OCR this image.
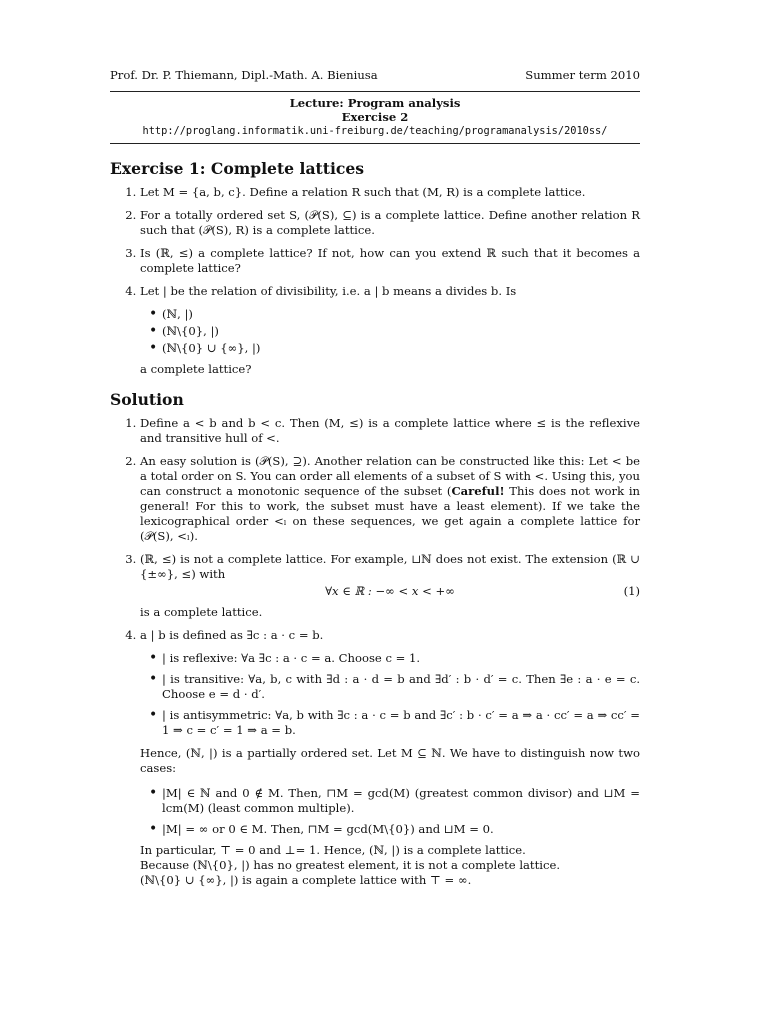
Prof. Dr. P. Thiemann, Dipl.-Math. A. Bieniusa	Summer term 2010
Lecture: Program analysis
Exercise 2
http://proglang.informatik.uni-freiburg.de/teaching/programanalysis/2010ss/
Exercise 1: Complete lattices
1. Let M = {a, b, c}. Define a relation R such that (M, R) is a complete lattice.
2. For a totally ordered set S, (𝒫(S), ⊆) is a complete lattice. Define another relation R such that (𝒫(S), R) is a complete lattice.
3. Is (ℝ, ≤) a complete lattice? If not, how can you extend ℝ such that it becomes a complete lattice?
4. Let | be the relation of divisibility, i.e. a | b means a divides b. Is
• (ℕ, |)
• (ℕ\{0}, |)
• (ℕ\{0} ∪ {∞}, |)
a complete lattice?
Solution
1. Define a < b and b < c. Then (M, ≤) is a complete lattice where ≤ is the reflexive and transitive hull of <.
2. An easy solution is (𝒫(S), ⊇). Another relation can be constructed like this: Let < be a total order on S. You can order all elements of a subset of S with <. Using this, you can construct a monotonic sequence of the subset (Careful! This does not work in general! For this to work, the subset must have a least element). If we take the lexicographical order <ₗ on these sequences, we get again a complete lattice for (𝒫(S), <ₗ).
3. (ℝ, ≤) is not a complete lattice. For example, ⊔ℕ does not exist. The extension (ℝ ∪ {±∞}, ≤) with
∀x ∈ ℝ : −∞ < x < +∞	(1)
is a complete lattice.
4. a | b is defined as ∃c : a · c = b.
• | is reflexive: ∀a ∃c : a · c = a. Choose c = 1.
• | is transitive: ∀a, b, c with ∃d : a · d = b and ∃d′ : b · d′ = c. Then ∃e : a · e = c. Choose e = d · d′.
• | is antisymmetric: ∀a, b with ∃c : a · c = b and ∃c′ : b · c′ = a ⇒ a · cc′ = a ⇒ cc′ = 1 ⇒ c = c′ = 1 ⇒ a = b.
Hence, (ℕ, |) is a partially ordered set. Let M ⊆ ℕ. We have to distinguish now two cases:
• |M| ∈ ℕ and 0 ∉ M. Then, ⊓M = gcd(M) (greatest common divisor) and ⊔M = lcm(M) (least common multiple).
• |M| = ∞ or 0 ∈ M. Then, ⊓M = gcd(M\{0}) and ⊔M = 0.
In particular, ⊤ = 0 and ⊥= 1. Hence, (ℕ, |) is a complete lattice.
Because (ℕ\{0}, |) has no greatest element, it is not a complete lattice.
(ℕ\{0} ∪ {∞}, |) is again a complete lattice with ⊤ = ∞.
